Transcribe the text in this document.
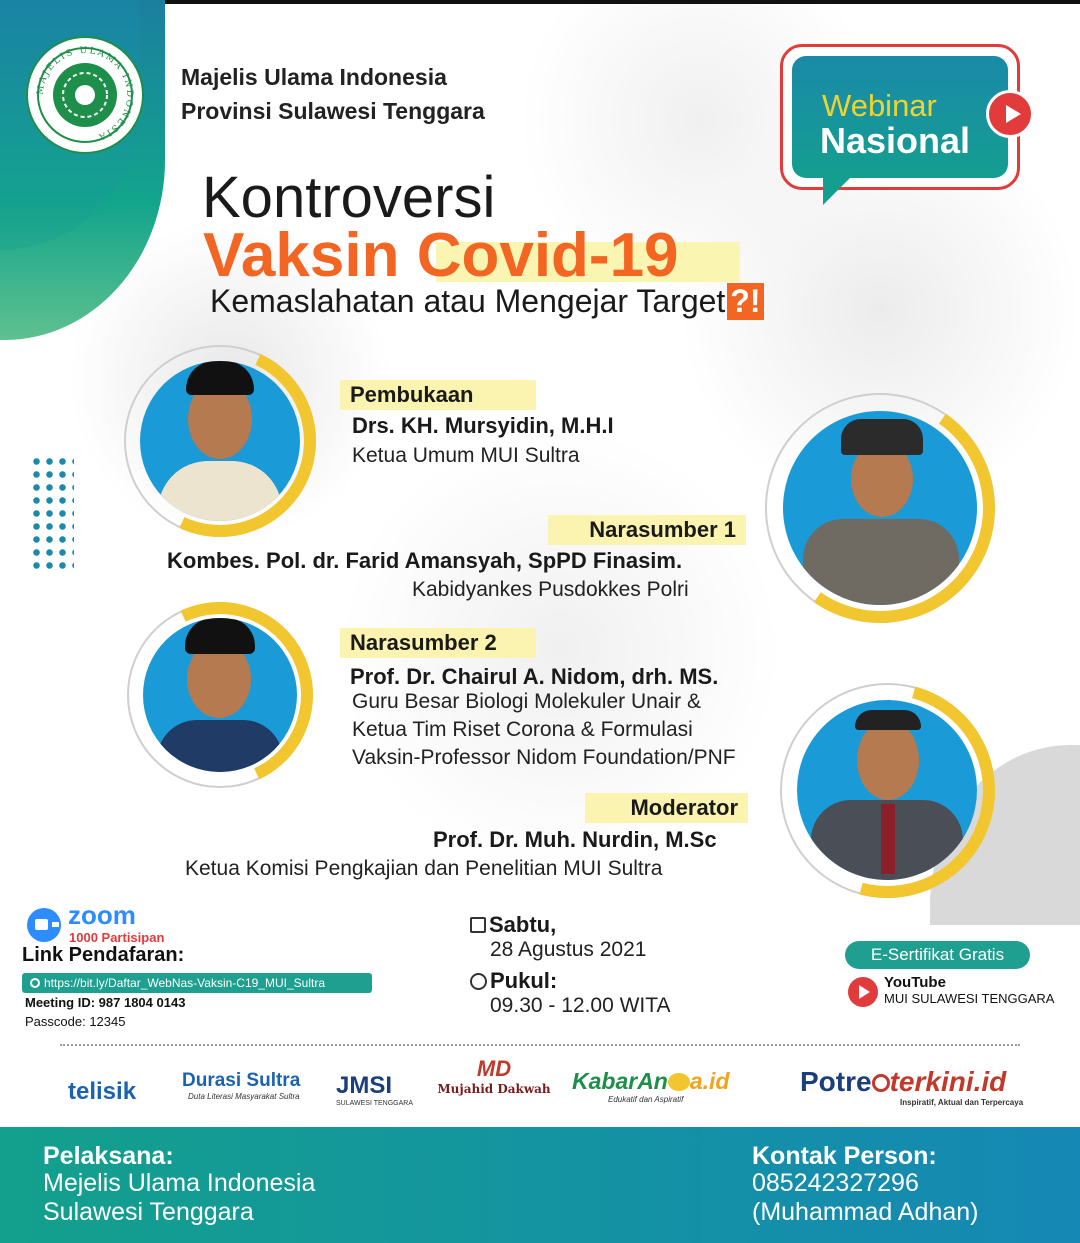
MAJELIS ULAMA INDONESIA
Majelis Ulama Indonesia
Provinsi Sulawesi Tenggara	Webinar
Nasional
Kontroversi
Vaksin Covid-19
Kemaslahatan atau Mengejar Target ?!
Pembukaan
Drs. KH. Mursyidin, M.H.I
Ketua Umum MUI Sultra
Narasumber 1
Kombes. Pol. dr. Farid Amansyah, SpPD Finasim.
Kabidyankes Pusdokkes Polri
Narasumber 2
Prof. Dr. Chairul A. Nidom, drh. MS.
Guru Besar Biologi Molekuler Unair &
Ketua Tim Riset Corona & Formulasi
Vaksin-Professor Nidom Foundation/PNF
Moderator
Prof. Dr. Muh. Nurdin, M.Sc
Ketua Komisi Pengkajian dan Penelitian MUI Sultra
zoom
1000 Partisipan
Link Pendafaran:
https://bit.ly/Daftar_WebNas-Vaksin-C19_MUI_Sultra
Meeting ID: 987 1804 0143
Passcode: 12345
Sabtu,
28 Agustus 2021
Pukul:
09.30 - 12.00 WITA
E-Sertifikat Gratis
YouTube
MUI SULAWESI TENGGARA
telisik	Durasi Sultra
Duta Literasi Masyarakat Sultra	JMSI
SULAWESI TENGGARA
MD
Mujahid Dakwah KabarAn a.id
Edukatif dan Aspiratif
Potre terkini.id
Inspiratif, Aktual dan Terpercaya
Pelaksana:
Mejelis Ulama Indonesia
Sulawesi Tenggara
Kontak Person:
085242327296
(Muhammad Adhan)
